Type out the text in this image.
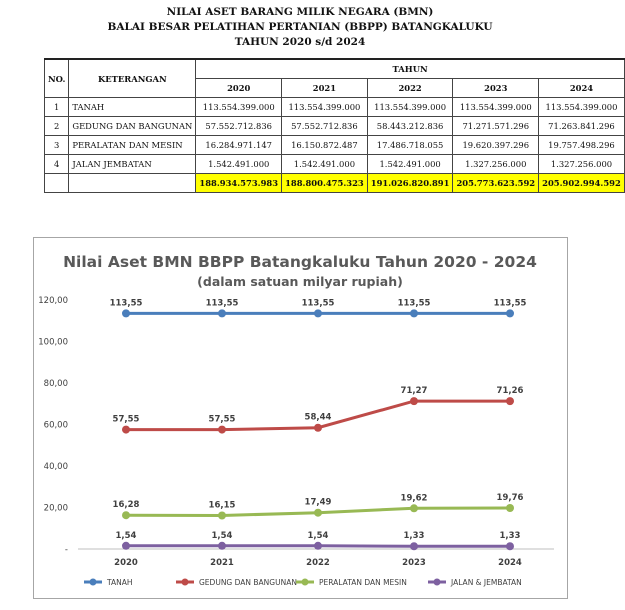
NILAI ASET BARANG MILIK NEGARA (BMN)
BALAI BESAR PELATIHAN PERTANIAN (BBPP) BATANGKALUKU
TAHUN 2020 s/d 2024
NO.	KETERANGAN	TAHUN				
		2020	2021	2022	2023	2024
1	TANAH	113.554.399.000	113.554.399.000	113.554.399.000	113.554.399.000	113.554.399.000
2	GEDUNG DAN BANGUNAN	57.552.712.836	57.552.712.836	58.443.212.836	71.271.571.296	71.263.841.296
3	PERALATAN DAN MESIN	16.284.971.147	16.150.872.487	17.486.718.055	19.620.397.296	19.757.498.296
4	JALAN JEMBATAN	1.542.491.000	1.542.491.000	1.542.491.000	1.327.256.000	1.327.256.000
		188.934.573.983	188.800.475.323	191.026.820.891	205.773.623.592	205.902.994.592
Nilai Aset BMN BBPP Batangkaluku Tahun 2020 - 2024
(dalam satuan milyar rupiah)
120,00
100,00
80,00
60,00
40,00
20,00
-
2020	2021	2022	2023	2024
113,55	113,55	113,55	113,55	113,55
57,55	57,55	58,44
71,27	71,26
16,28	16,15	17,49	19,62	19,76
1,54	1,54	1,54	1,33	1,33
TANAH	GEDUNG DAN BANGUNAN	PERALATAN DAN MESIN	JALAN & JEMBATAN
